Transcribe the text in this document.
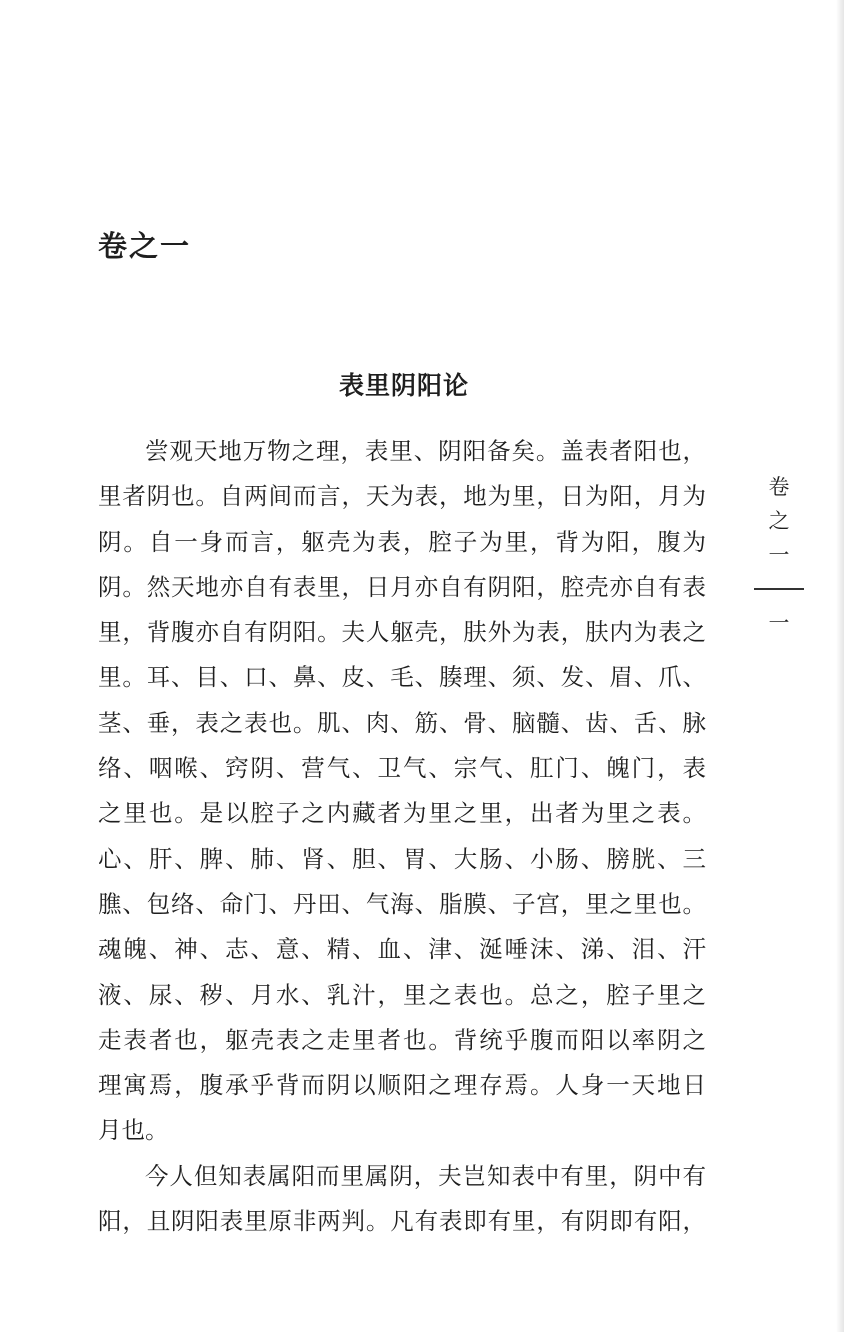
卷之一
表里阴阳论
尝观天地万物之理，表里、阴阳备矣。盖表者阳也，
里者阴也。自两间而言，天为表，地为里，日为阳，月为
阴。自一身而言，躯壳为表，腔子为里，背为阳，腹为
阴。然天地亦自有表里，日月亦自有阴阳，腔壳亦自有表
里，背腹亦自有阴阳。夫人躯壳，肤外为表，肤内为表之
里。耳、目、口、鼻、皮、毛、腠理、须、发、眉、爪、
茎、垂，表之表也。肌、肉、筋、骨、脑髓、齿、舌、脉
络、咽喉、窍阴、营气、卫气、宗气、肛门、魄门，表
之里也。是以腔子之内藏者为里之里，出者为里之表。
心、肝、脾、肺、肾、胆、胃、大肠、小肠、膀胱、三
膲、包络、命门、丹田、气海、脂膜、子宫，里之里也。
魂魄、神、志、意、精、血、津、涎唾沫、涕、泪、汗
液、尿、秽、月水、乳汁，里之表也。总之，腔子里之
走表者也，躯壳表之走里者也。背统乎腹而阳以率阴之
理寓焉，腹承乎背而阴以顺阳之理存焉。人身一天地日
月也。
今人但知表属阳而里属阴，夫岂知表中有里，阴中有
阳，且阴阳表里原非两判。凡有表即有里，有阴即有阳，
卷
之
一
一
